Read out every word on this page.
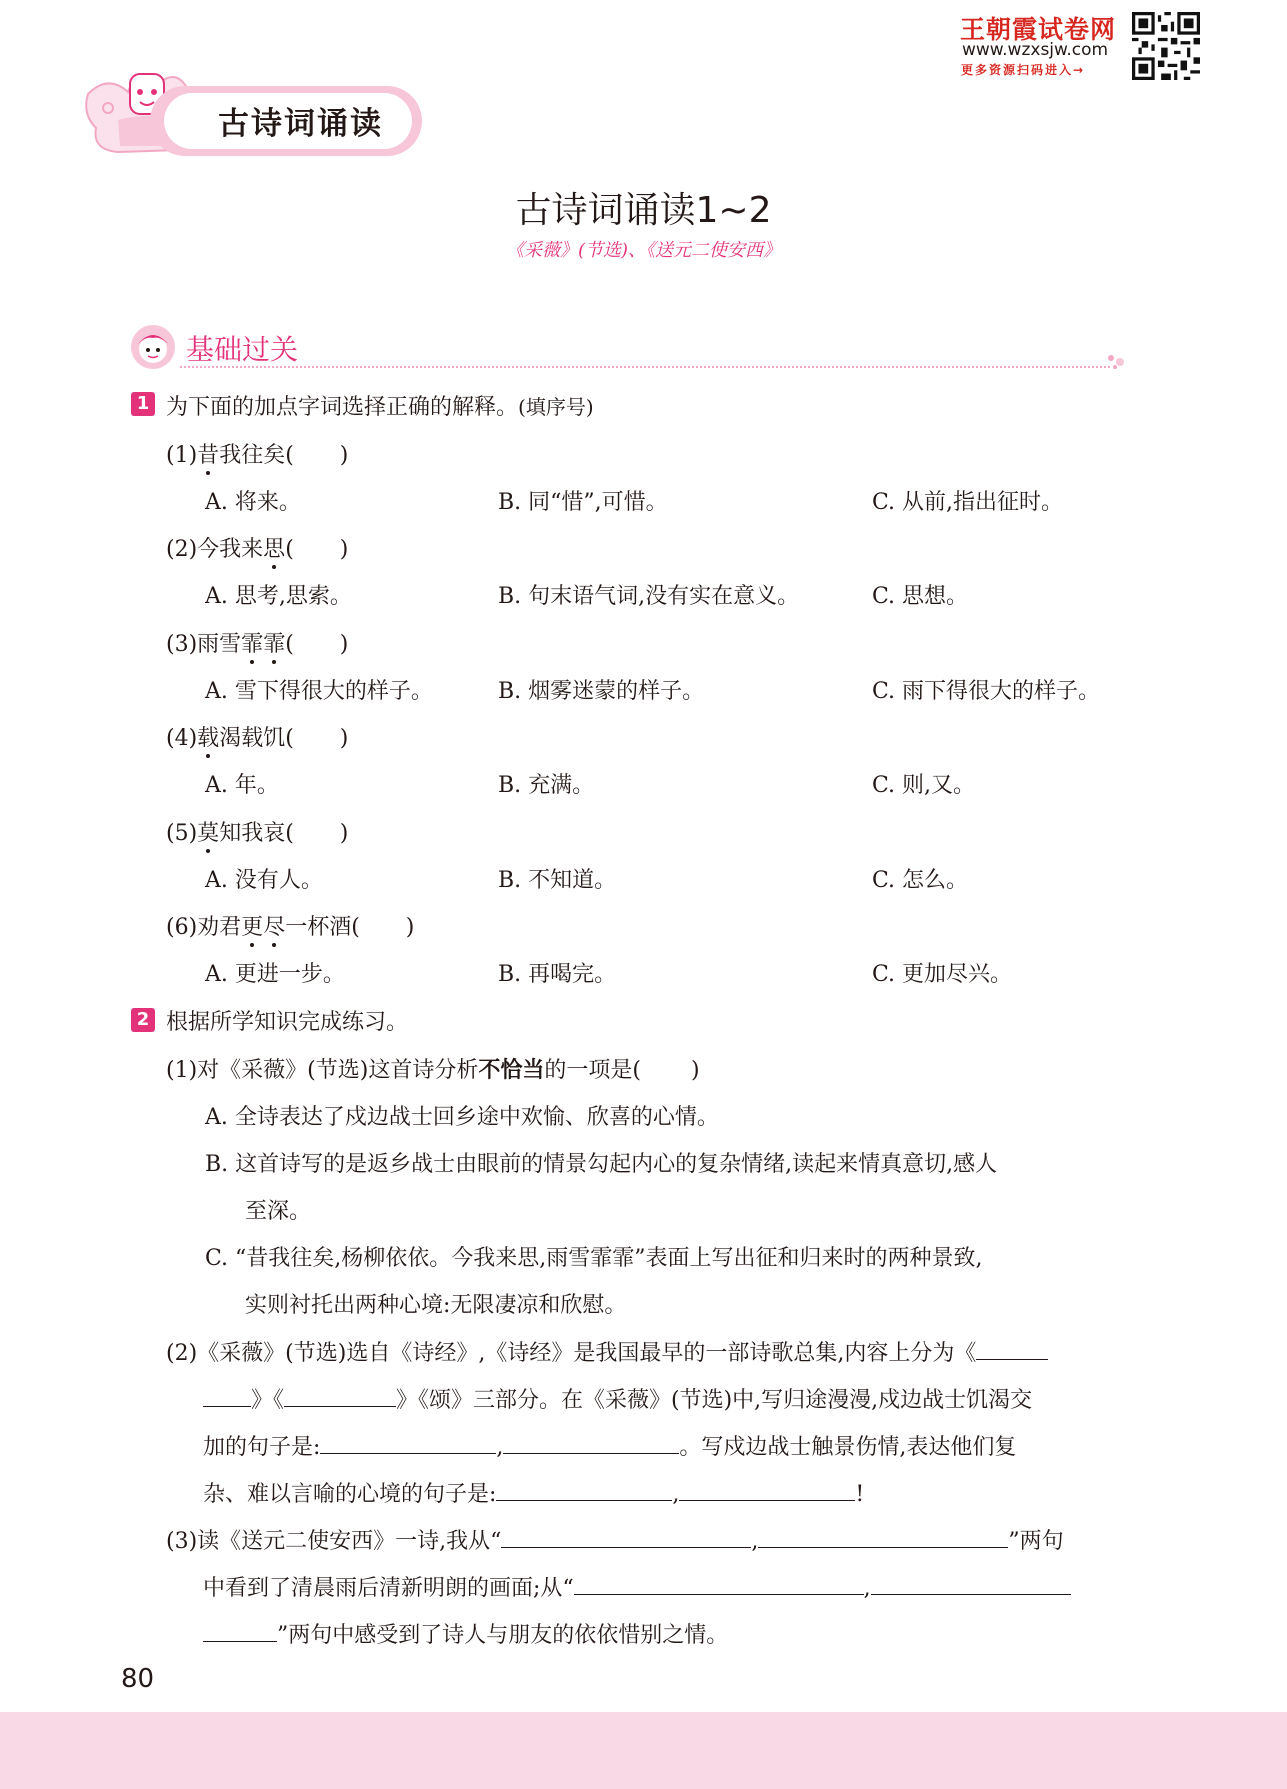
王朝霞试卷网
www.wzxsjw.com
更多资源扫码进入→
古诗词诵读
古诗词诵读1~2
《采薇》(节选)、《送元二使安西》
基础过关
1 为下面的加点字词选择正确的解释。(填序号)
(1)昔我往矣( )
A. 将来。	B. 同“惜”,可惜。	C. 从前,指出征时。
(2)今我来思( )
A. 思考,思索。	B. 句末语气词,没有实在意义。	C. 思想。
(3)雨雪霏霏( )
A. 雪下得很大的样子。	B. 烟雾迷蒙的样子。	C. 雨下得很大的样子。
(4)载渴载饥( )
A. 年。	B. 充满。	C. 则,又。
(5)莫知我哀( )
A. 没有人。	B. 不知道。	C. 怎么。
(6)劝君更尽一杯酒( )
A. 更进一步。	B. 再喝完。	C. 更加尽兴。
2 根据所学知识完成练习。
(1)对《采薇》(节选)这首诗分析不恰当的一项是( )
A. 全诗表达了戍边战士回乡途中欢愉、欣喜的心情。
B. 这首诗写的是返乡战士由眼前的情景勾起内心的复杂情绪,读起来情真意切,感人
至深。
C. “昔我往矣,杨柳依依。今我来思,雨雪霏霏”表面上写出征和归来时的两种景致,
实则衬托出两种心境:无限凄凉和欣慰。
(2)《采薇》(节选)选自《诗经》,《诗经》是我国最早的一部诗歌总集,内容上分为《
》《	》《颂》三部分。在《采薇》(节选)中,写归途漫漫,戍边战士饥渴交
加的句子是:	,	。写戍边战士触景伤情,表达他们复
杂、难以言喻的心境的句子是:	,	!
(3)读《送元二使安西》一诗,我从“	,	”两句
中看到了清晨雨后清新明朗的画面;从“	,
”两句中感受到了诗人与朋友的依依惜别之情。
80
